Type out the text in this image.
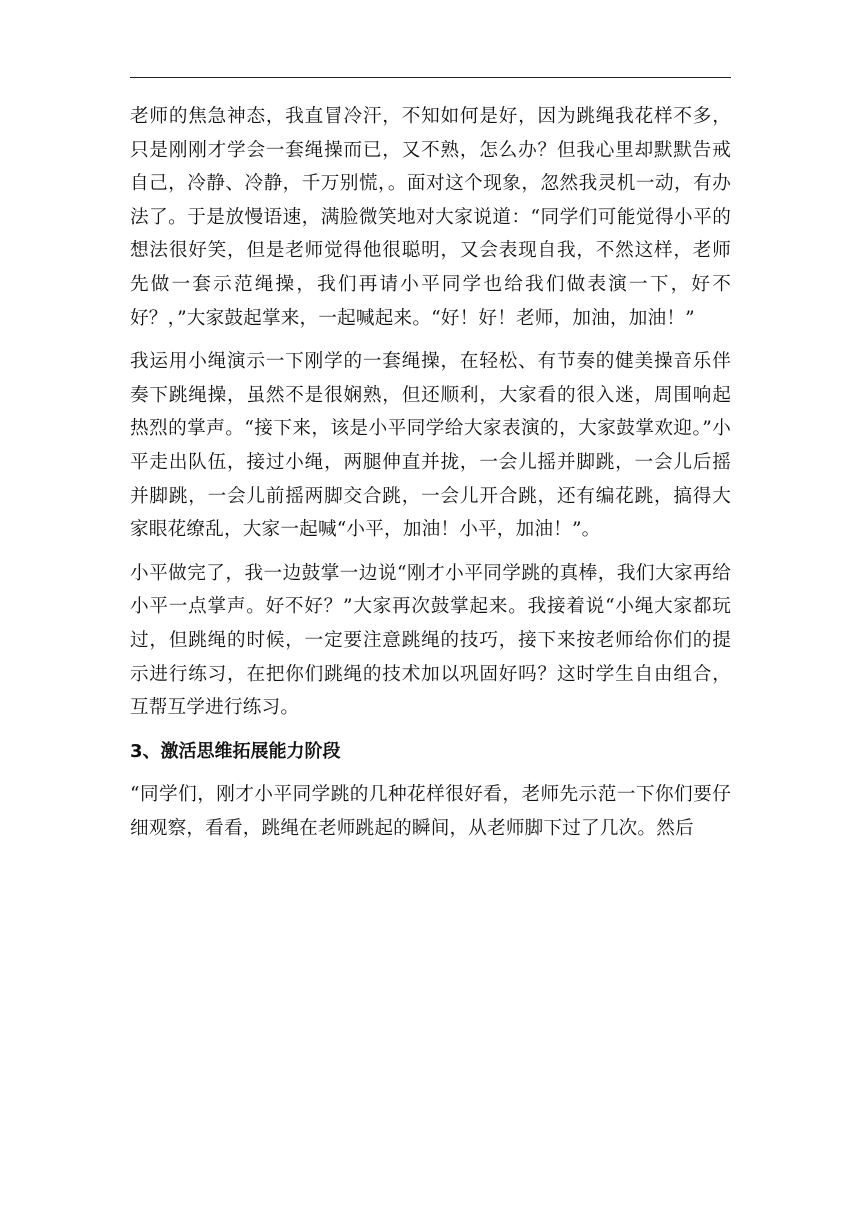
老师的焦急神态，我直冒冷汗，不知如何是好，因为跳绳我花样不多，只是刚刚才学会一套绳操而已，又不熟，怎么办？但我心里却默默告戒自己，冷静、冷静，千万别慌，。面对这个现象，忽然我灵机一动，有办法了。于是放慢语速，满脸微笑地对大家说道：“同学们可能觉得小平的想法很好笑，但是老师觉得他很聪明，又会表现自我，不然这样，老师先做一套示范绳操，我们再请小平同学也给我们做表演一下，好不好？，”大家鼓起掌来，一起喊起来。“好！好！老师，加油，加油！”

我运用小绳演示一下刚学的一套绳操，在轻松、有节奏的健美操音乐伴奏下跳绳操，虽然不是很娴熟，但还顺利，大家看的很入迷，周围响起热烈的掌声。“接下来，该是小平同学给大家表演的，大家鼓掌欢迎。”小平走出队伍，接过小绳，两腿伸直并拢，一会儿摇并脚跳，一会儿后摇并脚跳，一会儿前摇两脚交合跳，一会儿开合跳，还有编花跳，搞得大家眼花缭乱，大家一起喊“小平，加油！小平，加油！”。

小平做完了，我一边鼓掌一边说“刚才小平同学跳的真棒，我们大家再给小平一点掌声。好不好？”大家再次鼓掌起来。我接着说“小绳大家都玩过，但跳绳的时候，一定要注意跳绳的技巧，接下来按老师给你们的提示进行练习，在把你们跳绳的技术加以巩固好吗？这时学生自由组合，互帮互学进行练习。

3、激活思维拓展能力阶段

“同学们，刚才小平同学跳的几种花样很好看，老师先示范一下你们要仔细观察，看看，跳绳在老师跳起的瞬间，从老师脚下过了几次。然后
